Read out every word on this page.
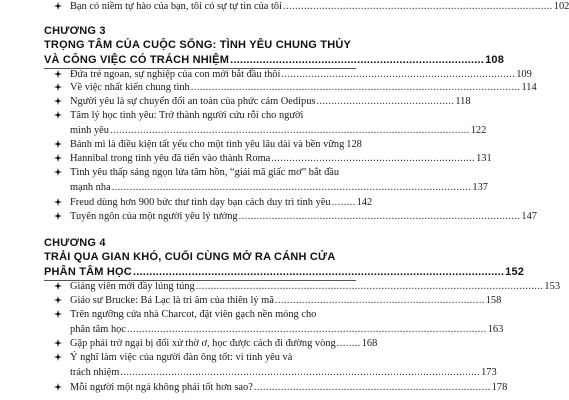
Bạn có niềm tự hào của bạn, tôi có sự tự tin của tôi .......................................................................................... 102
CHƯƠNG 3
TRỌNG TÂM CỦA CUỘC SỐNG: TÌNH YÊU CHUNG THỦY
VÀ CÔNG VIỆC CÓ TRÁCH NHIỆM .............................................................................. 108
Đứa trẻ ngoan, sự nghiệp của con mới bắt đầu thôi .............................................................................. 109
Về việc nhất kiến chung tình .............................................................................................................. 114
Người yêu là sự chuyển đổi an toàn của phức cảm Oedipus .............................................. 118
Tâm lý học tình yêu: Trở thành người cứu rỗi cho người
mình yêu ........................................................................................................................ 122
Bánh mì là điều kiện tất yếu cho một tình yêu lâu dài và bền vững 128
Hannibal trong tình yêu đã tiến vào thành Roma .................................................................... 131
Tình yêu thấp sáng ngọn lửa tâm hồn, “giải mã giấc mơ” bắt đầu
mạnh nha ........................................................................................................................ 137
Freud dùng hơn 900 bức thư tình dạy bạn cách duy trì tình yêu ........ 142
Tuyên ngôn của một người yêu lý tưởng .............................................................................................. 147
CHƯƠNG 4
TRẢI QUA GIAN KHÓ, CUỐI CÙNG MỞ RA CÁNH CỬA
PHÂN TÂM HỌC .................................................................................................................. 152
Giảng viên mới đầy lúng túng .................................................................................................................... 153
Giáo sư Brucke: Bá Lạc là tri âm của thiên lý mã ...................................................................... 158
Trên ngưỡng cửa nhà Charcot, đặt viên gạch nền móng cho
phân tâm học ........................................................................................................................ 163
Gặp phải trở ngại bị đối xử thờ ơ, học được cách đi đường vòng ........ 168
Ý nghĩ làm việc của người đàn ông tốt: vì tình yêu và
trách nhiệm ........................................................................................................................ 173
Mỗi người một ngả không phải tốt hơn sao? ............................................................................... 178
